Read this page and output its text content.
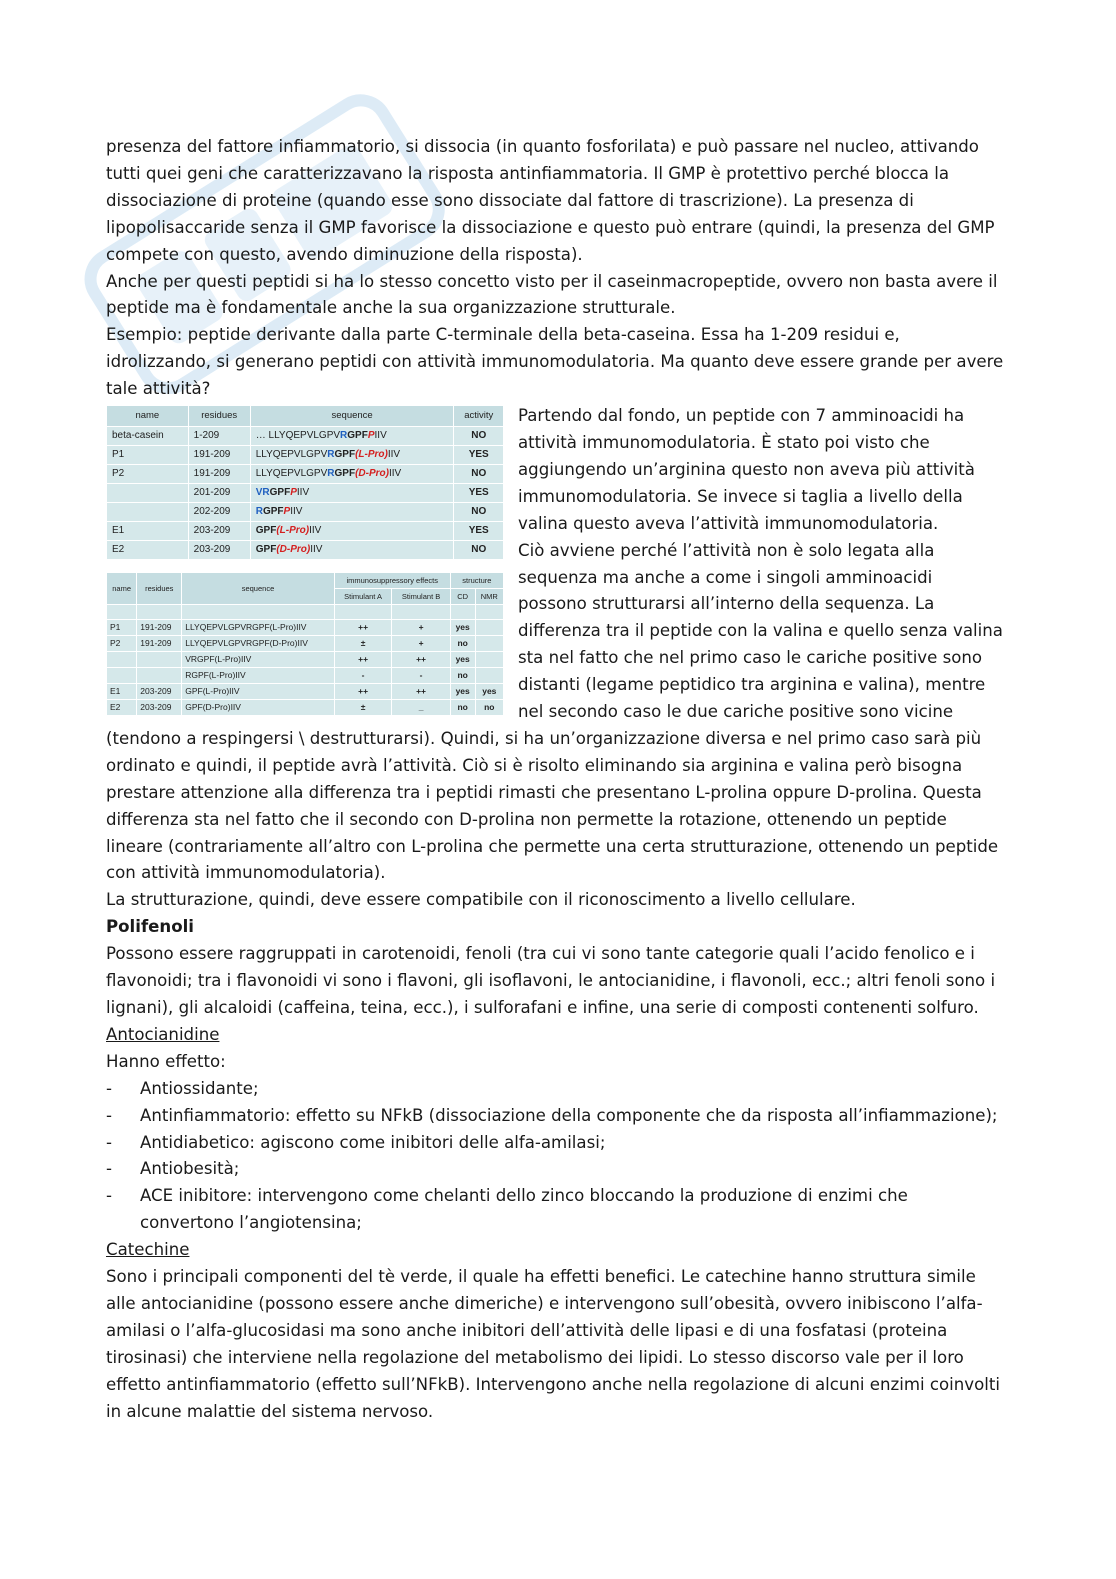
presenza del fattore infiammatorio, si dissocia (in quanto fosforilata) e può passare nel nucleo, attivando tutti quei geni che caratterizzavano la risposta antinfiammatoria. Il GMP è protettivo perché blocca la dissociazione di proteine (quando esse sono dissociate dal fattore di trascrizione). La presenza di lipopolisaccaride senza il GMP favorisce la dissociazione e questo può entrare (quindi, la presenza del GMP compete con questo, avendo diminuzione della risposta).

Anche per questi peptidi si ha lo stesso concetto visto per il caseinmacropeptide, ovvero non basta avere il peptide ma è fondamentale anche la sua organizzazione strutturale.

Esempio: peptide derivante dalla parte C-terminale della beta-caseina. Essa ha 1-209 residui e, idrolizzando, si generano peptidi con attività immunomodulatoria. Ma quanto deve essere grande per avere tale attività?

name	residues	sequence	activity
beta-casein	1-209	… LLYQEPVLGPVRGPFPIIV	NO
P1	191-209	LLYQEPVLGPVRGPF(L-Pro)IIV	YES
P2	191-209	LLYQEPVLGPVRGPF(D-Pro)IIV	NO
	201-209	VRGPFPIIV	YES
	202-209	RGPFPIIV	NO
E1	203-209	GPF(L-Pro)IIV	YES
E2	203-209	GPF(D-Pro)IIV	NO
name	residues	sequence	immunosuppressory effects		structure	
			Stimulant A	Stimulant B	CD	NMR

P1	191-209	LLYQEPVLGPVRGPF(L-Pro)IIV	++	+	yes	
P2	191-209	LLYQEPVLGPVRGPF(D-Pro)IIV	±	+	no	
		VRGPF(L-Pro)IIV	++	++	yes	
		RGPF(L-Pro)IIV	-	-	no	
E1	203-209	GPF(L-Pro)IIV	++	++	yes	yes
E2	203-209	GPF(D-Pro)IIV	±	_	no	no

Partendo dal fondo, un peptide con 7 amminoacidi ha attività immunomodulatoria. È stato poi visto che aggiungendo un’arginina questo non aveva più attività immunomodulatoria. Se invece si taglia a livello della valina questo aveva l’attività immunomodulatoria.

Ciò avviene perché l’attività non è solo legata alla sequenza ma anche a come i singoli amminoacidi possono strutturarsi all’interno della sequenza. La differenza tra il peptide con la valina e quello senza valina sta nel fatto che nel primo caso le cariche positive sono distanti (legame peptidico tra arginina e valina), mentre nel secondo caso le due cariche positive sono vicine (tendono a respingersi \ destrutturarsi). Quindi, si ha un’organizzazione diversa e nel primo caso sarà più ordinato e quindi, il peptide avrà l’attività. Ciò si è risolto eliminando sia arginina e valina però bisogna prestare attenzione alla differenza tra i peptidi rimasti che presentano L-prolina oppure D-prolina. Questa differenza sta nel fatto che il secondo con D-prolina non permette la rotazione, ottenendo un peptide lineare (contrariamente all’altro con L-prolina che permette una certa strutturazione, ottenendo un peptide con attività immunomodulatoria).

La strutturazione, quindi, deve essere compatibile con il riconoscimento a livello cellulare.

Polifenoli

Possono essere raggruppati in carotenoidi, fenoli (tra cui vi sono tante categorie quali l’acido fenolico e i flavonoidi; tra i flavonoidi vi sono i flavoni, gli isoflavoni, le antocianidine, i flavonoli, ecc.; altri fenoli sono i lignani), gli alcaloidi (caffeina, teina, ecc.), i sulforafani e infine, una serie di composti contenenti solfuro.

Antocianidine

Hanno effetto:

- Antiossidante;
- Antinfiammatorio: effetto su NFkB (dissociazione della componente che da risposta all’infiammazione);
- Antidiabetico: agiscono come inibitori delle alfa-amilasi;
- Antiobesità;
- ACE inibitore: intervengono come chelanti dello zinco bloccando la produzione di enzimi che convertono l’angiotensina;

Catechine

Sono i principali componenti del tè verde, il quale ha effetti benefici. Le catechine hanno struttura simile alle antocianidine (possono essere anche dimeriche) e intervengono sull’obesità, ovvero inibiscono l’alfa-amilasi o l’alfa-glucosidasi ma sono anche inibitori dell’attività delle lipasi e di una fosfatasi (proteina tirosinasi) che interviene nella regolazione del metabolismo dei lipidi. Lo stesso discorso vale per il loro effetto antinfiammatorio (effetto sull’NFkB). Intervengono anche nella regolazione di alcuni enzimi coinvolti in alcune malattie del sistema nervoso.
